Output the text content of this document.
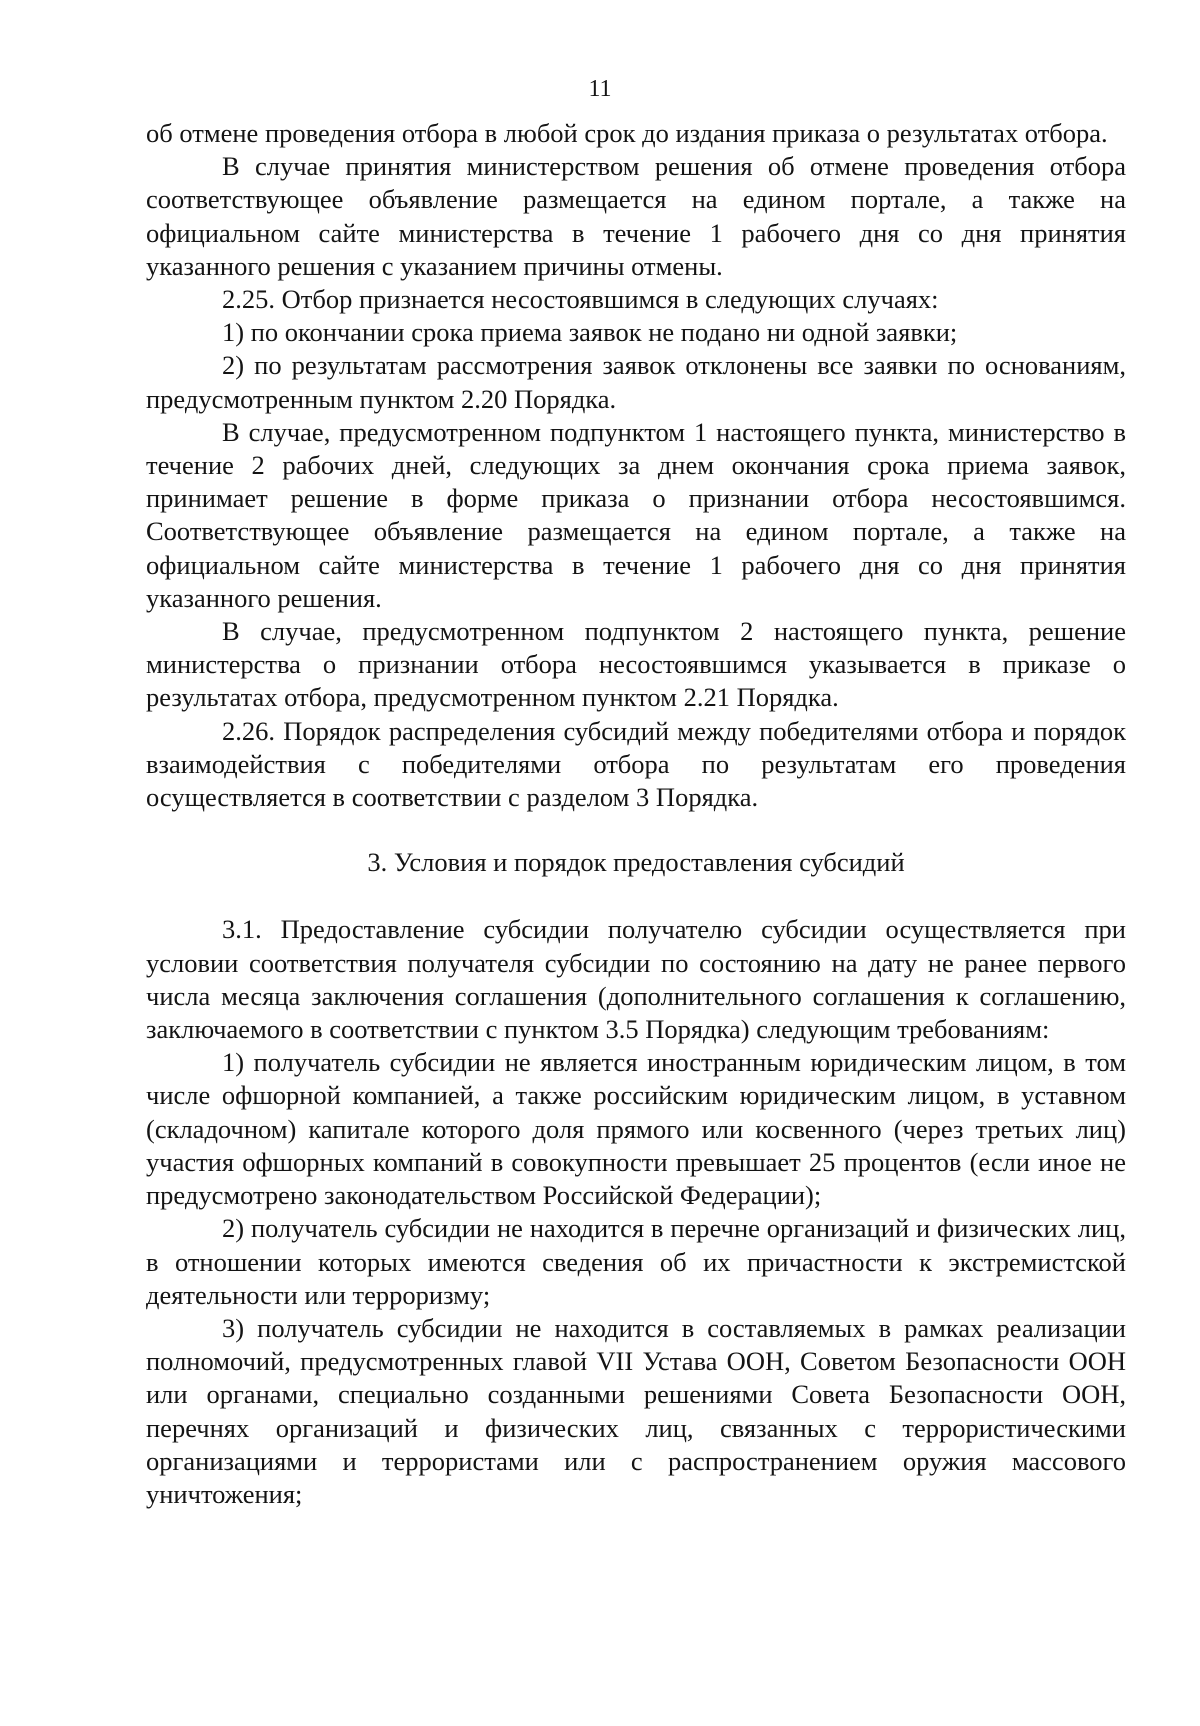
11

об отмене проведения отбора в любой срок до издания приказа о результатах отбора.

В случае принятия министерством решения об отмене проведения отбора соответствующее объявление размещается на едином портале, а также на официальном сайте министерства в течение 1 рабочего дня со дня принятия указанного решения с указанием причины отмены.

2.25. Отбор признается несостоявшимся в следующих случаях:

1) по окончании срока приема заявок не подано ни одной заявки;

2) по результатам рассмотрения заявок отклонены все заявки по основаниям, предусмотренным пунктом 2.20 Порядка.

В случае, предусмотренном подпунктом 1 настоящего пункта, министерство в течение 2 рабочих дней, следующих за днем окончания срока приема заявок, принимает решение в форме приказа о признании отбора несостоявшимся. Соответствующее объявление размещается на едином портале, а также на официальном сайте министерства в течение 1 рабочего дня со дня принятия указанного решения.

В случае, предусмотренном подпунктом 2 настоящего пункта, решение министерства о признании отбора несостоявшимся указывается в приказе о результатах отбора, предусмотренном пунктом 2.21 Порядка.

2.26. Порядок распределения субсидий между победителями отбора и порядок взаимодействия с победителями отбора по результатам его проведения осуществляется в соответствии с разделом 3 Порядка.

3. Условия и порядок предоставления субсидий

3.1. Предоставление субсидии получателю субсидии осуществляется при условии соответствия получателя субсидии по состоянию на дату не ранее первого числа месяца заключения соглашения (дополнительного соглашения к соглашению, заключаемого в соответствии с пунктом 3.5 Порядка) следующим требованиям:

1) получатель субсидии не является иностранным юридическим лицом, в том числе офшорной компанией, а также российским юридическим лицом, в уставном (складочном) капитале которого доля прямого или косвенного (через третьих лиц) участия офшорных компаний в совокупности превышает 25 процентов (если иное не предусмотрено законодательством Российской Федерации);

2) получатель субсидии не находится в перечне организаций и физических лиц, в отношении которых имеются сведения об их причастности к экстремистской деятельности или терроризму;

3) получатель субсидии не находится в составляемых в рамках реализации полномочий, предусмотренных главой VII Устава ООН, Советом Безопасности ООН или органами, специально созданными решениями Совета Безопасности ООН, перечнях организаций и физических лиц, связанных с террористическими организациями и террористами или с распространением оружия массового уничтожения;
